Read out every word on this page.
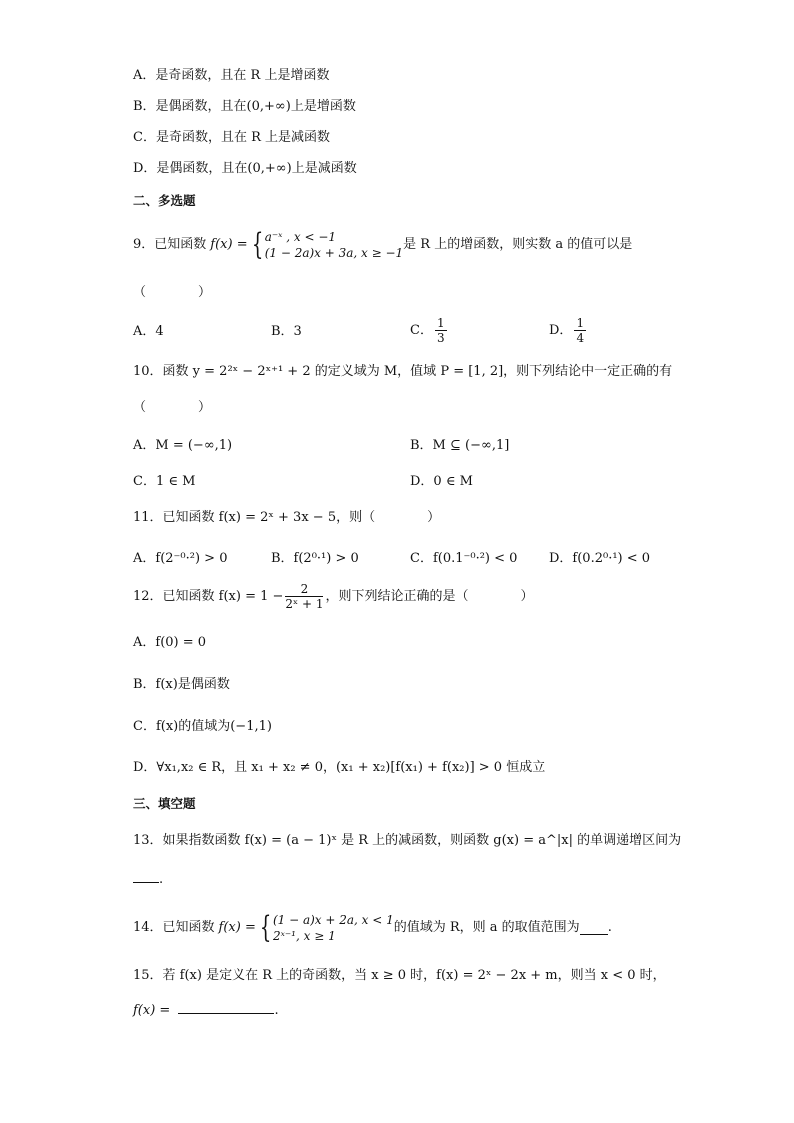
A．是奇函数，且在 R 上是增函数
B．是偶函数，且在(0,+∞)上是增函数
C．是奇函数，且在 R 上是减函数
D．是偶函数，且在(0,+∞)上是减函数
二、多选题
9．已知函数 f(x) = { a⁻ˣ , x < −1
(1 − 2a)x + 3a, x ≥ −1
是 R 上的增函数，则实数 a 的值可以是
（　　　　）
A．4	B．3	C． $\frac{1}{3}$	D． $\frac{1}{4}$
10．函数 y = 2²ˣ − 2ˣ⁺¹ + 2 的定义域为 M，值域 P = [1, 2]，则下列结论中一定正确的有
（　　　　）
A．M = (−∞,1)	B．M ⊆ (−∞,1]
C．1 ∈ M	D．0 ∈ M
11．已知函数 f(x) = 2ˣ + 3x − 5，则（　　　　）
A．f(2⁻⁰·²) > 0	B．f(2⁰·¹) > 0	C．f(0.1⁻⁰·²) < 0 D．f(0.2⁰·¹) < 0
12．已知函数 $f(x) = 1 - \frac{2}{\text{2ˣ + 1}}$ ，则下列结论正确的是（　　　　）
A．f(0) = 0
B．f(x)是偶函数
C．f(x)的值域为(−1,1)
D．∀x₁,x₂ ∈ R，且 x₁ + x₂ ≠ 0，(x₁ + x₂)[f(x₁) + f(x₂)] > 0 恒成立
三、填空题
13．如果指数函数 f(x) = (a − 1)ˣ 是 R 上的减函数，则函数 g(x) = a^|x| 的单调递增区间为
.
14．已知函数 f(x) = { (1 − a)x + 2a, x < 1
2ˣ⁻¹, x ≥ 1
的值域为 R，则 a 的取值范围为 .
15．若 f(x) 是定义在 R 上的奇函数，当 x ≥ 0 时，f(x) = 2ˣ − 2x + m，则当 x < 0 时，
f(x) =	.
